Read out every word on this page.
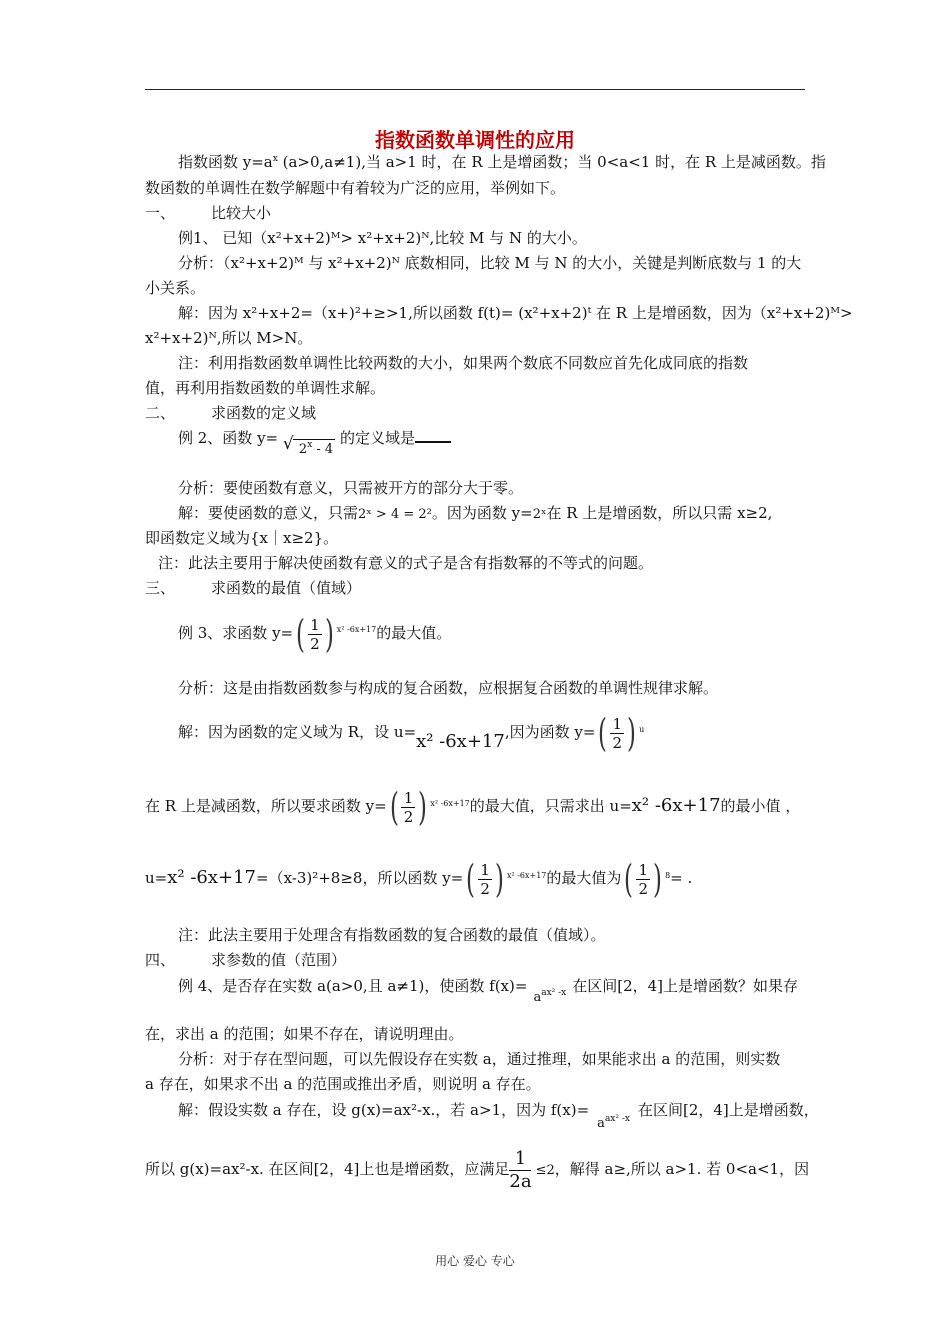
指数函数单调性的应用
指数函数 $y=a^x$ (a>0,a≠1),当 a>1 时，在 R 上是增函数；当 0<a<1 时，在 R 上是减函数。指
数函数的单调性在数学解题中有着较为广泛的应用，举例如下。
一、 比较大小
例1、 已知（x²+x+2)ᴹ> x²+x+2)ᴺ,比较 M 与 N 的大小。
分析：（x²+x+2)ᴹ 与 x²+x+2)ᴺ 底数相同，比较 M 与 N 的大小，关键是判断底数与 1 的大
小关系。
解：因为 x²+x+2=（x+)²+≥>1,所以函数 f(t)= (x²+x+2)ᵗ 在 R 上是增函数，因为（x²+x+2)ᴹ>
x²+x+2)ᴺ,所以 M>N。
注：利用指数函数单调性比较两数的大小，如果两个数底不同数应首先化成同底的指数
值，再利用指数函数的单调性求解。
二、 求函数的定义域
例 2、函数 y= √ 2$^x$ - 4 的定义域是
分析：要使函数有意义，只需被开方的部分大于零。
解：要使函数的意义，只需2ˣ > 4 = 2²。因为函数 y=2ˣ在 R 上是增函数，所以只需 x≥2,
即函数定义域为{x｜x≥2}。
注：此法主要用于解决使函数有意义的式子是含有指数幂的不等式的问题。
三、 求函数的最值（值域）
例 3、求函数 y= ( $\frac{1}{2}$ ) x² -6x+17 的最大值。
分析：这是由指数函数参与构成的复合函数，应根据复合函数的单调性规律求解。
解：因为函数的定义域为 R，设 u=x² -6x+17,因为函数 y= ( $\frac{1}{2}$ ) u
在 R 上是减函数，所以要求函数 y= ( $\frac{1}{2}$ ) x² -6x+17 的最大值，只需求出 u=x² -6x+17的最小值 ，
u=x² -6x+17=（x-3)²+8≥8，所以函数 y= ( $\frac{1}{2}$ ) x² -6x+17 的最大值为 ( $\frac{1}{2}$ ) 8 = .
注：此法主要用于处理含有指数函数的复合函数的最值（值域）。
四、 求参数的值（范围）
例 4、是否存在实数 a(a>0,且 a≠1)，使函数 $f(x)=a^{ax^2 -x}$ 在区间[2，4]上是增函数？如果存
在，求出 a 的范围；如果不存在，请说明理由。
分析：对于存在型问题，可以先假设存在实数 a，通过推理，如果能求出 a 的范围，则实数
a 存在，如果求不出 a 的范围或推出矛盾，则说明 a 存在。
解：假设实数 a 存在，设 g(x)=ax²-x.，若 a>1，因为 $f(x)=a^{ax^2 -x}$ 在区间[2，4]上是增函数，
所以 g(x)=ax²-x. 在区间[2，4]上也是增函数，应满足 $\frac{1}{2a} \le 2$，解得 a≥,所以 a>1. 若 0<a<1，因
用心 爱心 专心
